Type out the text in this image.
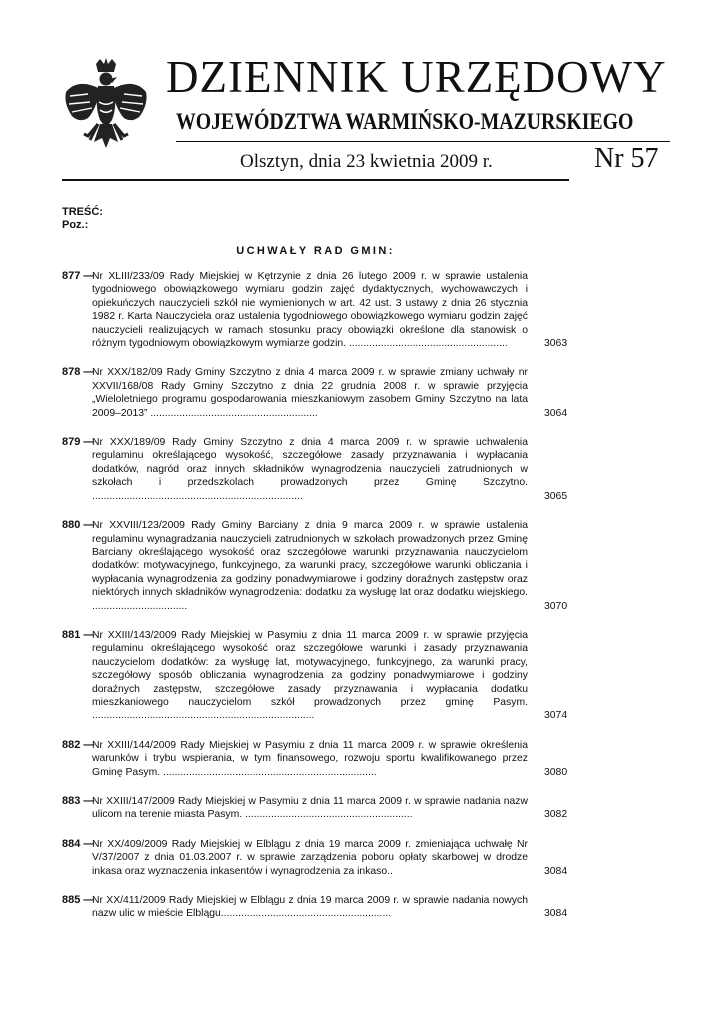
DZIENNIK URZĘDOWY
WOJEWÓDZTWA WARMIŃSKO-MAZURSKIEGO
Olsztyn, dnia 23 kwietnia 2009 r.	Nr 57
TREŚĆ:
Poz.:
UCHWAŁY RAD GMIN:
877 —
Nr XLIII/233/09 Rady Miejskiej w Kętrzynie z dnia 26 lutego 2009 r. w sprawie ustalenia tygodniowego obowiązkowego wymiaru godzin zajęć dydaktycznych, wychowawczych i opiekuńczych nauczycieli szkół nie wymienionych w art. 42 ust. 3 ustawy z dnia 26 stycznia 1982 r. Karta Nauczyciela oraz ustalenia tygodniowego obowiązkowego wymiaru godzin zajęć nauczycieli realizujących w ramach stosunku pracy obowiązki określone dla stanowisk o różnym tygodniowym obowiązkowym wymiarze godzin. .......................................................	3063
878 —
Nr XXX/182/09 Rady Gminy Szczytno z dnia 4 marca 2009 r. w sprawie zmiany uchwały nr XXVII/168/08 Rady Gminy Szczytno z dnia 22 grudnia 2008 r. w sprawie przyjęcia „Wieloletniego programu gospodarowania mieszkaniowym zasobem Gminy Szczytno na lata 2009–2013” ..........................................................	3064
879 —
Nr XXX/189/09 Rady Gminy Szczytno z dnia 4 marca 2009 r. w sprawie uchwalenia regulaminu określającego wysokość, szczegółowe zasady przyznawania i wypłacania dodatków, nagród oraz innych składników wynagrodzenia nauczycieli zatrudnionych w szkołach i przedszkolach prowadzonych przez Gminę Szczytno. .........................................................................	3065
880 —
Nr XXVIII/123/2009 Rady Gminy Barciany z dnia 9 marca 2009 r. w sprawie ustalenia regulaminu wynagradzania nauczycieli zatrudnionych w szkołach prowadzonych przez Gminę Barciany określającego wysokość oraz szczegółowe warunki przyznawania nauczycielom dodatków: motywacyjnego, funkcyjnego, za warunki pracy, szczegółowe warunki obliczania i wypłacania wynagrodzenia za godziny ponadwymiarowe i godziny doraźnych zastępstw oraz niektórych innych składników wynagrodzenia: dodatku za wysługę lat oraz dodatku wiejskiego. .................................	3070
881 —
Nr XXIII/143/2009 Rady Miejskiej w Pasymiu z dnia 11 marca 2009 r. w sprawie przyjęcia regulaminu określającego wysokość oraz szczegółowe warunki i zasady przyznawania nauczycielom dodatków: za wysługę lat, motywacyjnego, funkcyjnego, za warunki pracy, szczegółowy sposób obliczania wynagrodzenia za godziny ponadwymiarowe i godziny doraźnych zastępstw, szczegółowe zasady przyznawania i wypłacania dodatku mieszkaniowego nauczycielom szkół prowadzonych przez gminę Pasym. .............................................................................	3074
882 —
Nr XXIII/144/2009 Rady Miejskiej w Pasymiu z dnia 11 marca 2009 r. w sprawie określenia warunków i trybu wspierania, w tym finansowego, rozwoju sportu kwalifikowanego przez Gminę Pasym. ..........................................................................	3080
883 —
Nr XXIII/147/2009 Rady Miejskiej w Pasymiu z dnia 11 marca 2009 r. w sprawie nadania nazw ulicom na terenie miasta Pasym. ..........................................................	3082
884 —
Nr XX/409/2009 Rady Miejskiej w Elblągu z dnia 19 marca 2009 r. zmieniająca uchwałę Nr V/37/2007 z dnia 01.03.2007 r. w sprawie zarządzenia poboru opłaty skarbowej w drodze inkasa oraz wyznaczenia inkasentów i wynagrodzenia za inkaso..	3084
885 —
Nr XX/411/2009 Rady Miejskiej w Elblągu z dnia 19 marca 2009 r. w sprawie nadania nowych nazw ulic w mieście Elblągu...........................................................	3084
